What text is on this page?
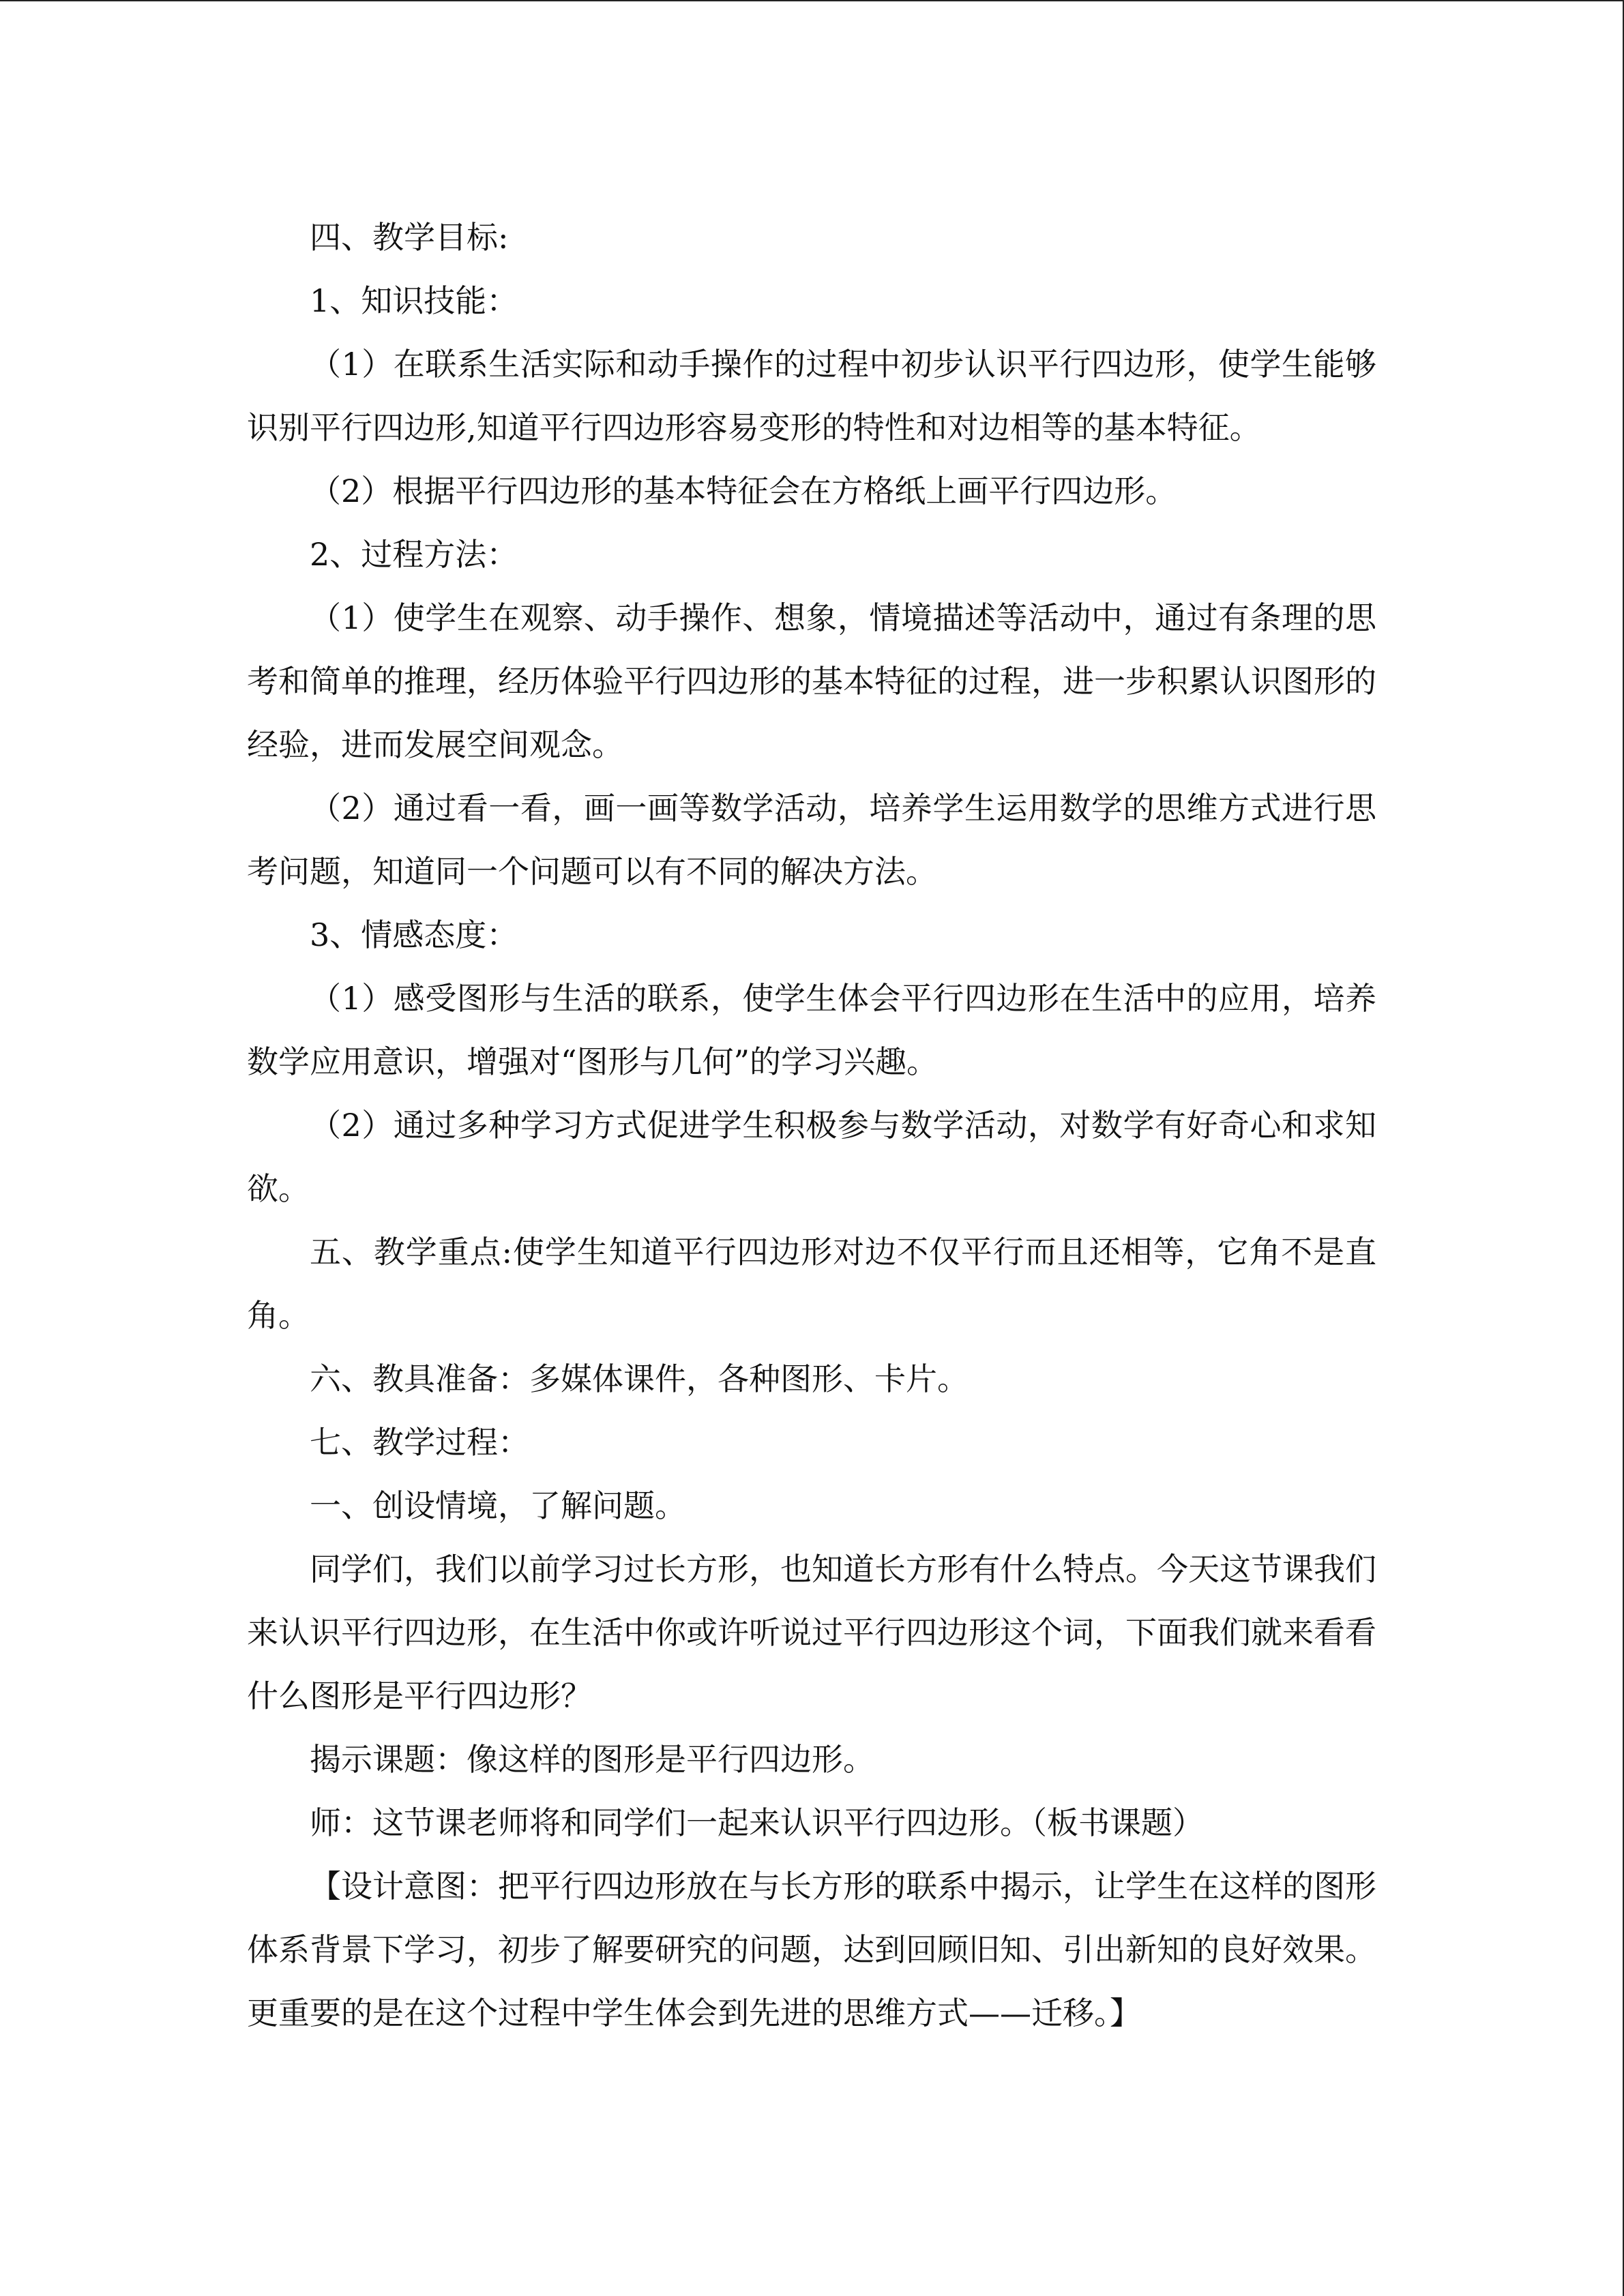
四、教学目标:

1、知识技能：

（1）在联系生活实际和动手操作的过程中初步认识平行四边形，使学生能够识别平行四边形,知道平行四边形容易变形的特性和对边相等的基本特征。

（2）根据平行四边形的基本特征会在方格纸上画平行四边形。

2、过程方法：

（1）使学生在观察、动手操作、想象，情境描述等活动中，通过有条理的思考和简单的推理，经历体验平行四边形的基本特征的过程，进一步积累认识图形的经验，进而发展空间观念。

（2）通过看一看，画一画等数学活动，培养学生运用数学的思维方式进行思考问题，知道同一个问题可以有不同的解决方法。

3、情感态度：

（1）感受图形与生活的联系，使学生体会平行四边形在生活中的应用，培养数学应用意识，增强对“图形与几何”的学习兴趣。

（2）通过多种学习方式促进学生积极参与数学活动，对数学有好奇心和求知欲。

五、教学重点:使学生知道平行四边形对边不仅平行而且还相等，它角不是直角。

六、教具准备：多媒体课件，各种图形、卡片。

七、教学过程：

一、创设情境，了解问题。

同学们，我们以前学习过长方形，也知道长方形有什么特点。今天这节课我们来认识平行四边形，在生活中你或许听说过平行四边形这个词，下面我们就来看看什么图形是平行四边形？

揭示课题：像这样的图形是平行四边形。

师：这节课老师将和同学们一起来认识平行四边形。（板书课题）

【设计意图：把平行四边形放在与长方形的联系中揭示，让学生在这样的图形体系背景下学习，初步了解要研究的问题，达到回顾旧知、引出新知的良好效果。更重要的是在这个过程中学生体会到先进的思维方式——迁移。】
